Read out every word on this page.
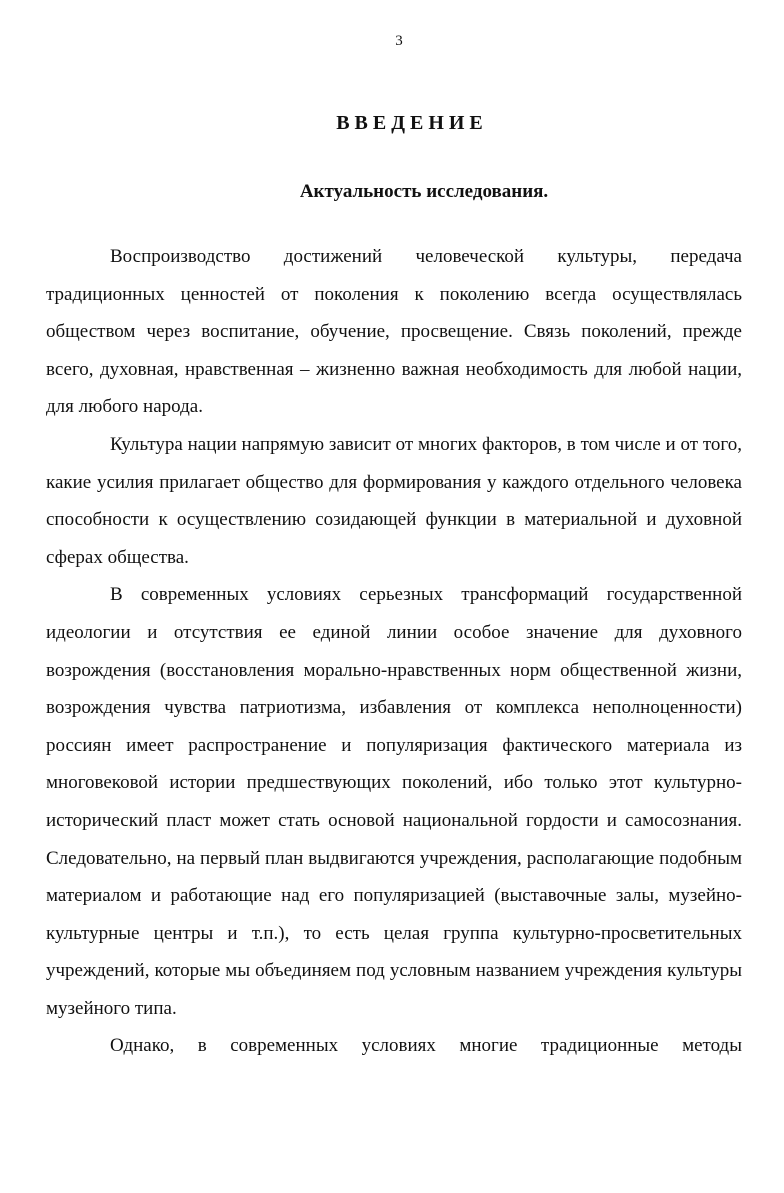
3
ВВЕДЕНИЕ
Актуальность исследования.

Воспроизводство достижений человеческой культуры, передача традиционных ценностей от поколения к поколению всегда осуществлялась обществом через воспитание, обучение, просвещение. Связь поколений, прежде всего, духовная, нравственная – жизненно важная необходимость для любой нации, для любого народа.

Культура нации напрямую зависит от многих факторов, в том числе и от того, какие усилия прилагает общество для формирования у каждого отдельного человека способности к осуществлению созидающей функции в материальной и духовной сферах общества.

В современных условиях серьезных трансформаций государственной идеологии и отсутствия ее единой линии особое значение для духовного возрождения (восстановления морально-нравственных норм общественной жизни, возрождения чувства патриотизма, избавления от комплекса неполноценности) россиян имеет распространение и популяризация фактического материала из многовековой истории предшествующих поколений, ибо только этот культурно-исторический пласт может стать основой национальной гордости и самосознания. Следовательно, на первый план выдвигаются учреждения, располагающие подобным материалом и работающие над его популяризацией (выставочные залы, музейно-культурные центры и т.п.), то есть целая группа культурно-просветительных учреждений, которые мы объединяем под условным названием учреждения культуры музейного типа.

Однако, в современных условиях многие традиционные методы
